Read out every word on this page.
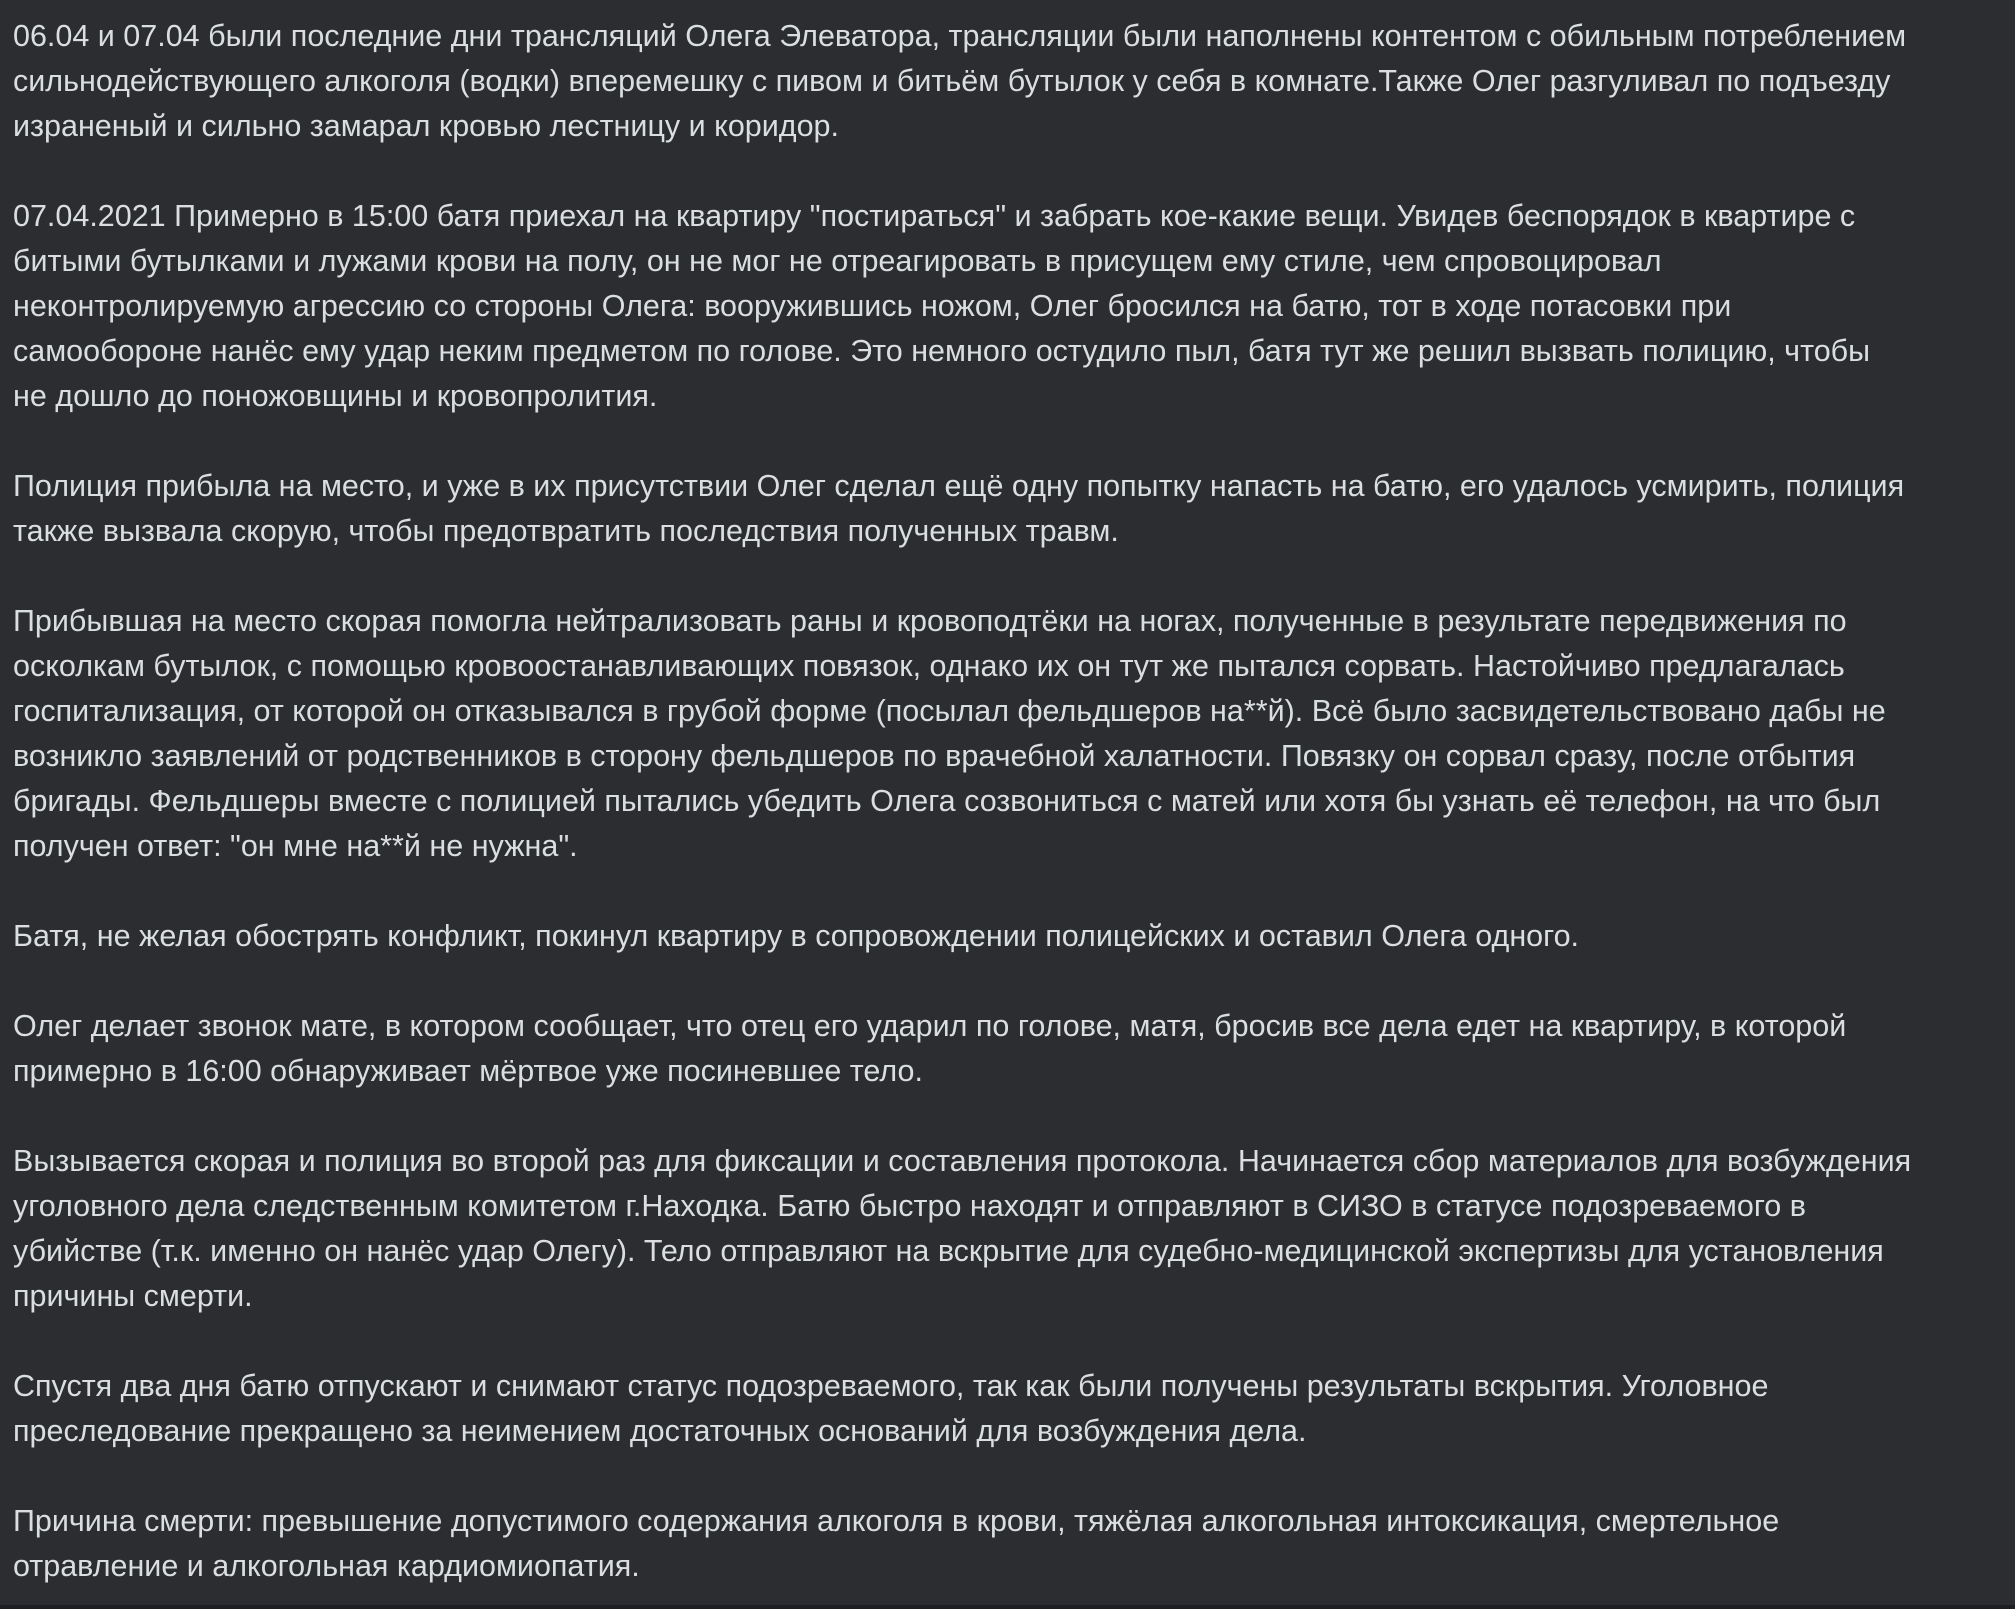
06.04 и 07.04 были последние дни трансляций Олега Элеватора, трансляции были наполнены контентом с обильным потреблением
сильнодействующего алкоголя (водки) вперемешку с пивом и битьём бутылок у себя в комнате.Также Олег разгуливал по подъезду
израненый и сильно замарал кровью лестницу и коридор.

07.04.2021 Примерно в 15:00 батя приехал на квартиру "постираться" и забрать кое-какие вещи. Увидев беспорядок в квартире с
битыми бутылками и лужами крови на полу, он не мог не отреагировать в присущем ему стиле, чем спровоцировал
неконтролируемую агрессию со стороны Олега: вооружившись ножом, Олег бросился на батю, тот в ходе потасовки при
самообороне нанёс ему удар неким предметом по голове. Это немного остудило пыл, батя тут же решил вызвать полицию, чтобы
не дошло до поножовщины и кровопролития.

Полиция прибыла на место, и уже в их присутствии Олег сделал ещё одну попытку напасть на батю, его удалось усмирить, полиция
также вызвала скорую, чтобы предотвратить последствия полученных травм.

Прибывшая на место скорая помогла нейтрализовать раны и кровоподтёки на ногах, полученные в результате передвижения по
осколкам бутылок, с помощью кровоостанавливающих повязок, однако их он тут же пытался сорвать. Настойчиво предлагалась
госпитализация, от которой он отказывался в грубой форме (посылал фельдшеров на**й). Всё было засвидетельствовано дабы не
возникло заявлений от родственников в сторону фельдшеров по врачебной халатности. Повязку он сорвал сразу, после отбытия
бригады. Фельдшеры вместе с полицией пытались убедить Олега созвониться с матей или хотя бы узнать её телефон, на что был
получен ответ: "он мне на**й не нужна".

Батя, не желая обострять конфликт, покинул квартиру в сопровождении полицейских и оставил Олега одного.

Олег делает звонок мате, в котором сообщает, что отец его ударил по голове, матя, бросив все дела едет на квартиру, в которой
примерно в 16:00 обнаруживает мёртвое уже посиневшее тело.

Вызывается скорая и полиция во второй раз для фиксации и составления протокола. Начинается сбор материалов для возбуждения
уголовного дела следственным комитетом г.Находка. Батю быстро находят и отправляют в СИЗО в статусе подозреваемого в
убийстве (т.к. именно он нанёс удар Олегу). Тело отправляют на вскрытие для судебно-медицинской экспертизы для установления
причины смерти.

Спустя два дня батю отпускают и снимают статус подозреваемого, так как были получены результаты вскрытия. Уголовное
преследование прекращено за неимением достаточных оснований для возбуждения дела.

Причина смерти: превышение допустимого содержания алкоголя в крови, тяжёлая алкогольная интоксикация, смертельное
отравление и алкогольная кардиомиопатия.
